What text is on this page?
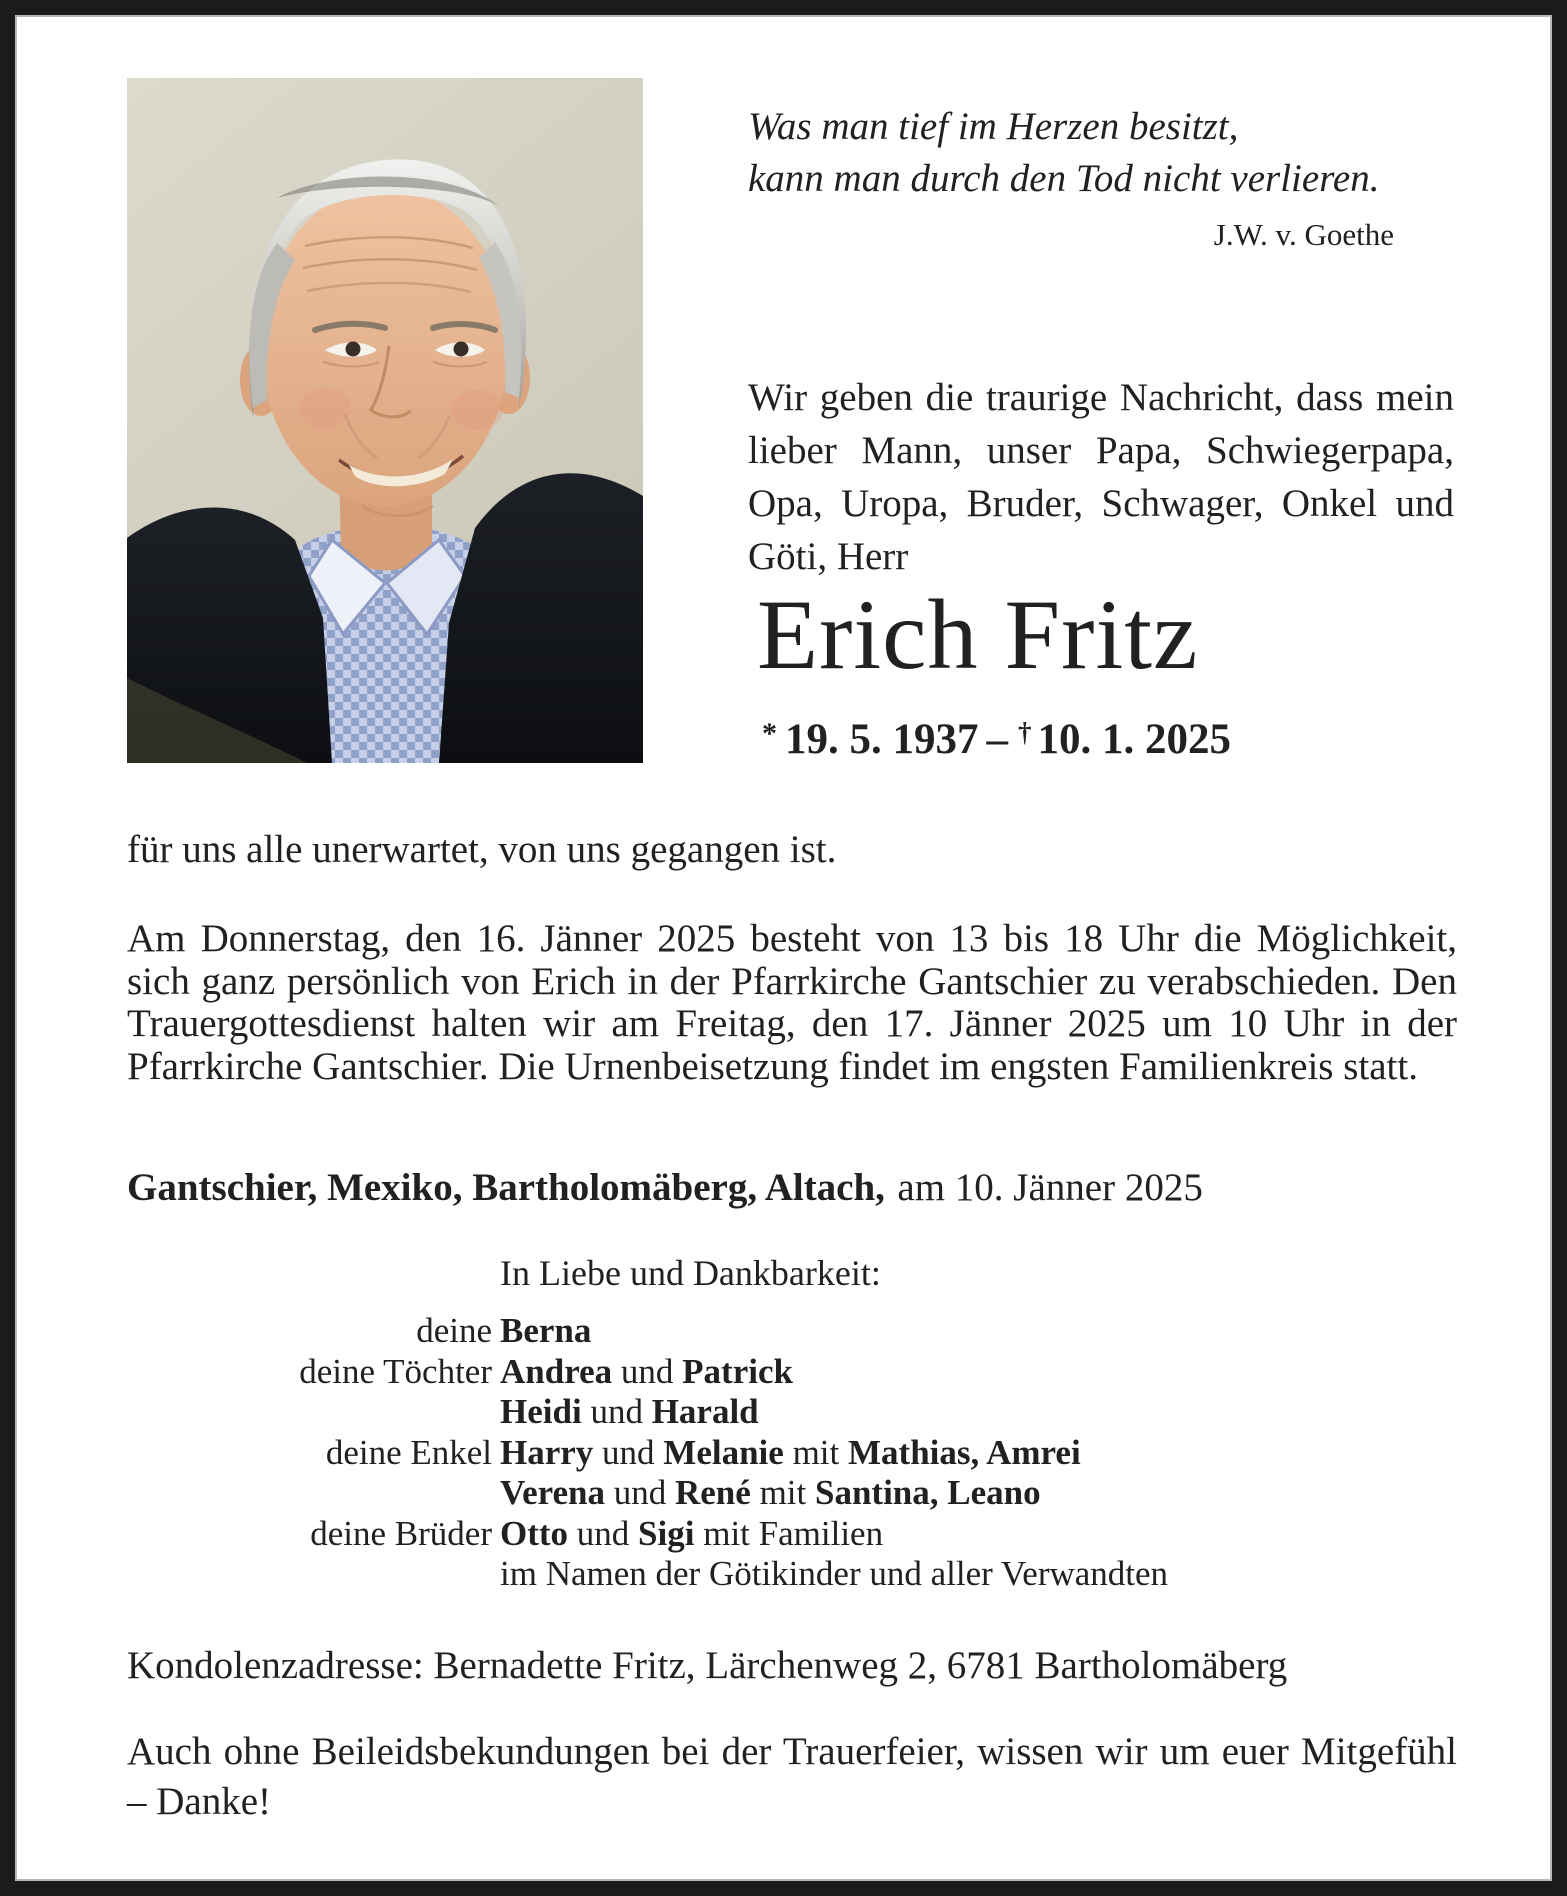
Was man tief im Herzen besitzt,
kann man durch den Tod nicht verlieren.
J.W. v. Goethe

Wir geben die traurige Nachricht, dass mein lieber Mann, unser Papa, Schwiegerpapa, Opa, Uropa, Bruder, Schwager, Onkel und Göti, Herr

Erich Fritz
* 19. 5. 1937 – † 10. 1. 2025

für uns alle unerwartet, von uns gegangen ist.

Am Donnerstag, den 16. Jänner 2025 besteht von 13 bis 18 Uhr die Möglichkeit, sich ganz persönlich von Erich in der Pfarrkirche Gantschier zu verabschieden. Den Trauergottesdienst halten wir am Freitag, den 17. Jänner 2025 um 10 Uhr in der Pfarrkirche Gantschier. Die Urnenbeisetzung findet im engsten Familienkreis statt.

Gantschier, Mexiko, Bartholomäberg, Altach, am 10. Jänner 2025

In Liebe und Dankbarkeit:
deine Berna
deine Töchter Andrea und Patrick
Heidi und Harald
deine Enkel Harry und Melanie mit Mathias, Amrei
Verena und René mit Santina, Leano
deine Brüder Otto und Sigi mit Familien
im Namen der Götikinder und aller Verwandten

Kondolenzadresse: Bernadette Fritz, Lärchenweg 2, 6781 Bartholomäberg

Auch ohne Beileidsbekundungen bei der Trauerfeier, wissen wir um euer Mitgefühl – Danke!
